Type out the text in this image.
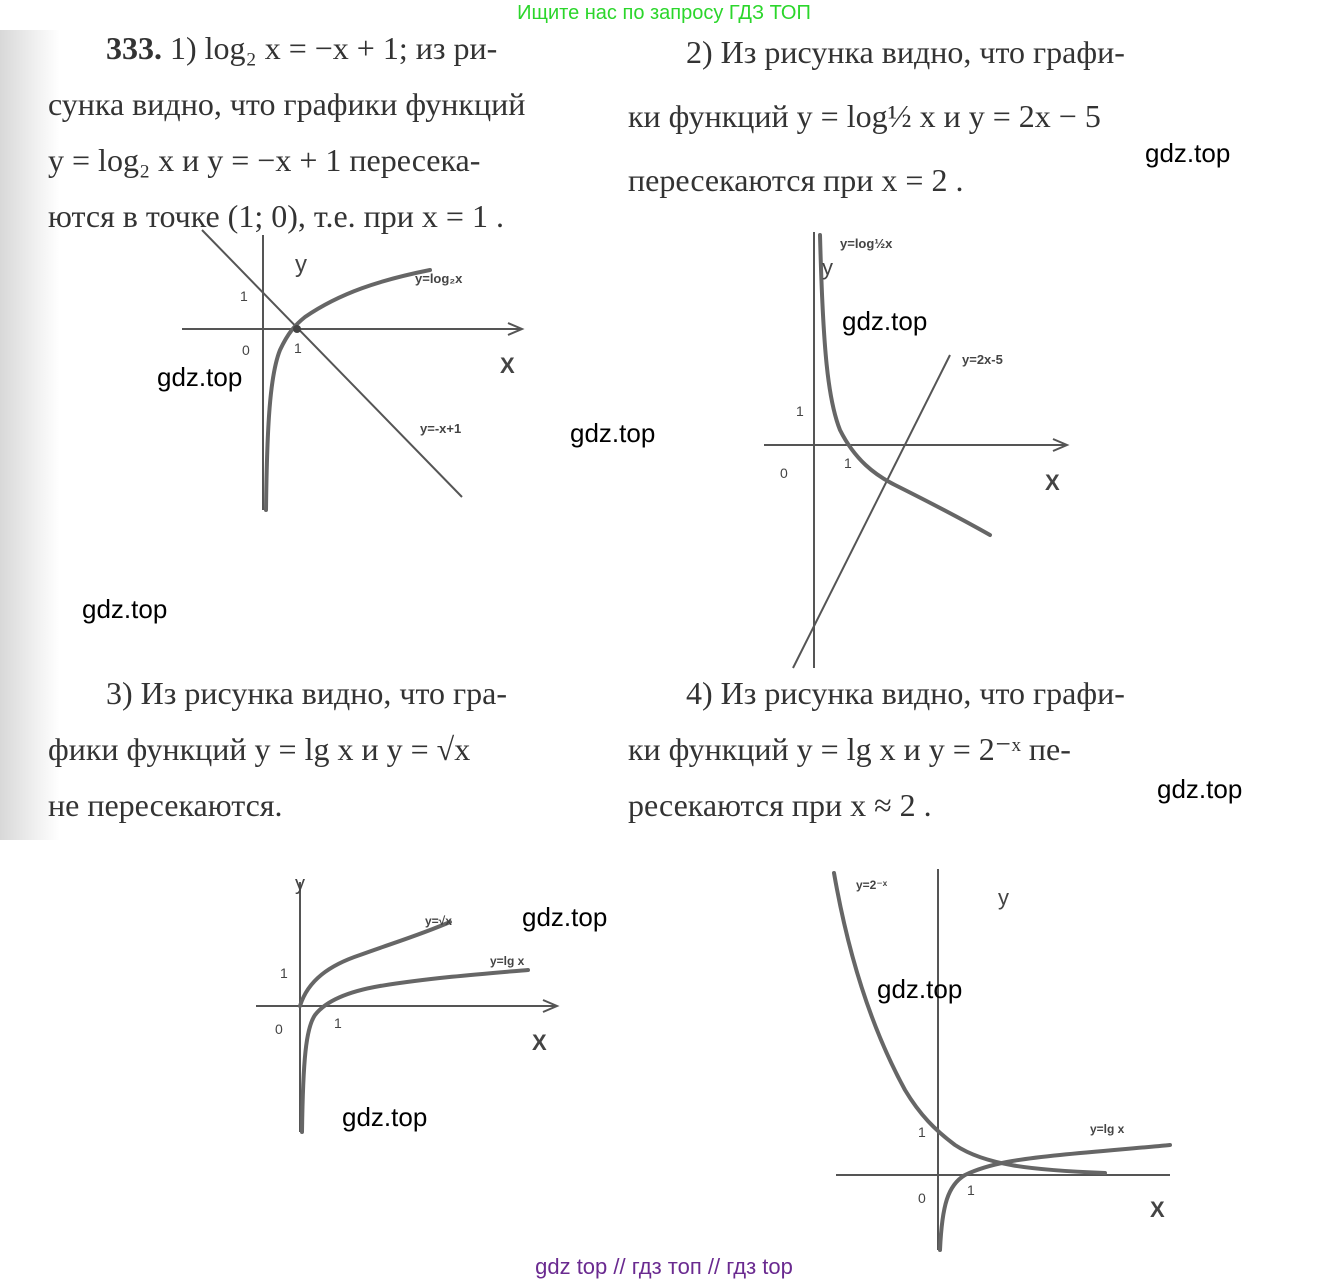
Ищите нас по запросу ГДЗ ТОП
333. 1) log₂ x = −x + 1; из ри-
сунка видно, что графики функций
y = log₂ x и y = −x + 1 пересека-
ются в точке (1; 0), т.е. при x = 1 .
2) Из рисунка видно, что графи-
ки функций y = log½ x и y = 2x − 5
пересекаются при x = 2 .
3) Из рисунка видно, что гра-
фики функций y = lg x и y = √x
не пересекаются.
4) Из рисунка видно, что графи-
ки функций y = lg x и y = 2⁻ˣ пе-
ресекаются при x ≈ 2 .
y
X
1
1
0
y=log₂x
y=-x+1
y
X
1
1
0
y=log½x
y=2x-5
y
X
1
1
0
y=√x
y=lg x
y
X
1
1
0
y=2⁻ˣ
y=lg x
gdz.top
gdz.top
gdz.top
gdz.top
gdz.top
gdz.top
gdz.top
gdz.top
gdz.top
gdz top // гдз топ // гдз top
